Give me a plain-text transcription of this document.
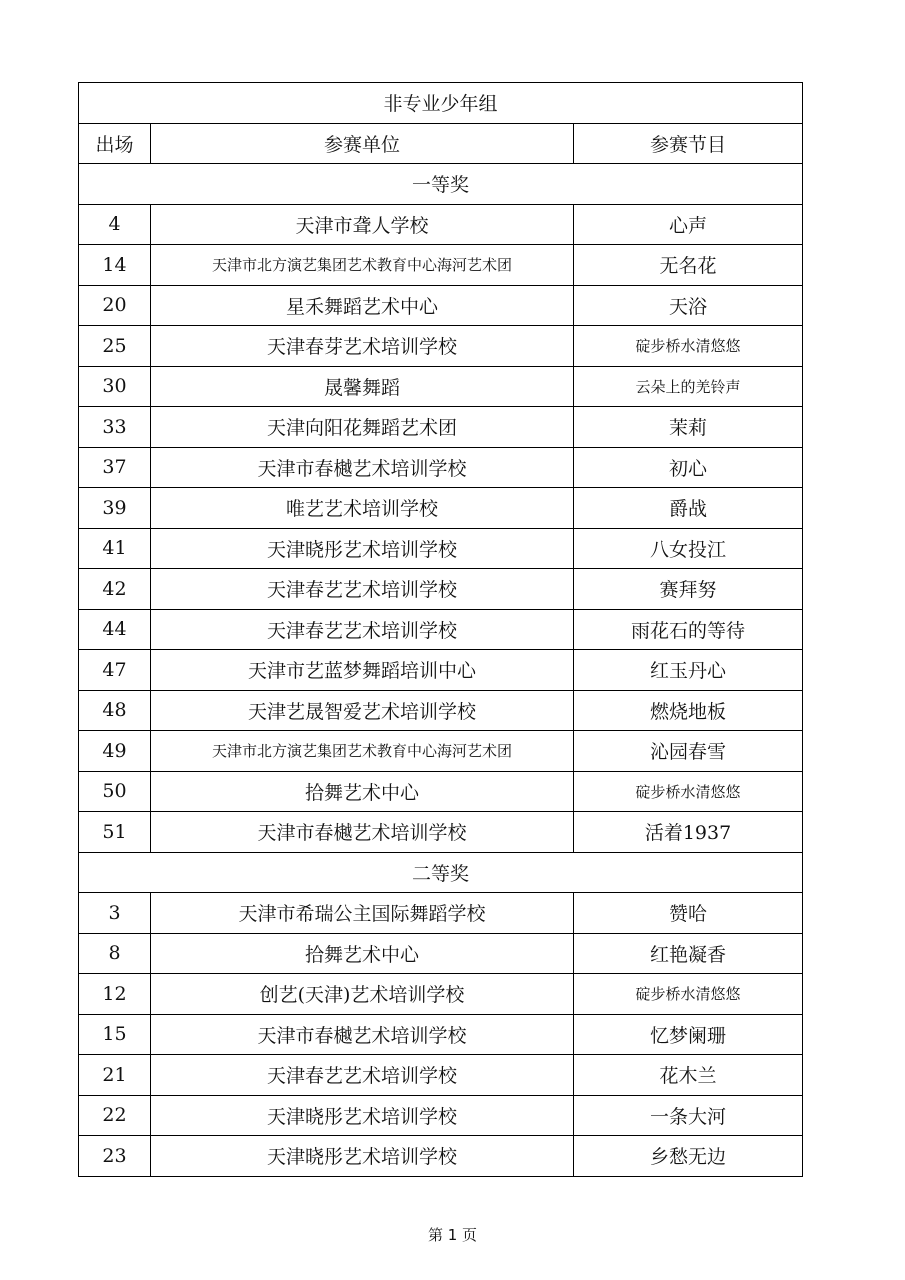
非专业少年组		
出场	参赛单位	参赛节目
一等奖		
4	天津市聋人学校	心声
14	天津市北方演艺集团艺术教育中心海河艺术团	无名花
20	星禾舞蹈艺术中心	天浴
25	天津春芽艺术培训学校	碇步桥水清悠悠
30	晟馨舞蹈	云朵上的羌铃声
33	天津向阳花舞蹈艺术团	茉莉
37	天津市春樾艺术培训学校	初心
39	唯艺艺术培训学校	爵战
41	天津晓彤艺术培训学校	八女投江
42	天津春艺艺术培训学校	赛拜努
44	天津春艺艺术培训学校	雨花石的等待
47	天津市艺蓝梦舞蹈培训中心	红玉丹心
48	天津艺晟智爱艺术培训学校	燃烧地板
49	天津市北方演艺集团艺术教育中心海河艺术团	沁园春雪
50	拾舞艺术中心	碇步桥水清悠悠
51	天津市春樾艺术培训学校	活着1937
二等奖		
3	天津市希瑞公主国际舞蹈学校	赞哈
8	拾舞艺术中心	红艳凝香
12	创艺(天津)艺术培训学校	碇步桥水清悠悠
15	天津市春樾艺术培训学校	忆梦阑珊
21	天津春艺艺术培训学校	花木兰
22	天津晓彤艺术培训学校	一条大河
23	天津晓彤艺术培训学校	乡愁无边
第 1 页
